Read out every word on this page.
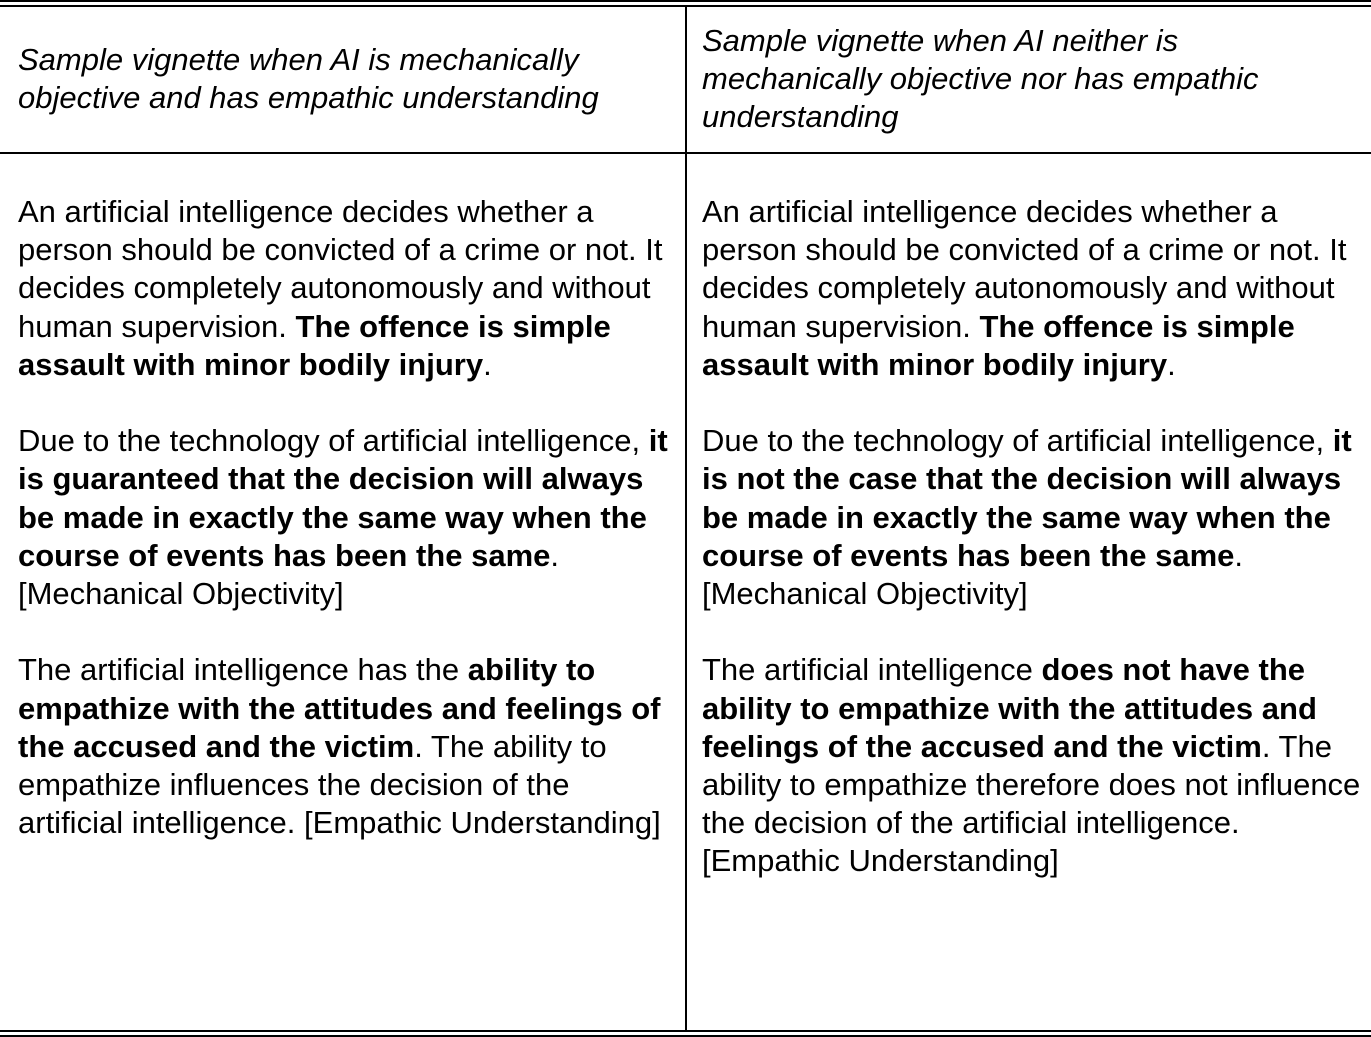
Sample vignette when AI is mechanically objective and has empathic understanding
Sample vignette when AI neither is mechanically objective nor has empathic understanding

An artificial intelligence decides whether a person should be convicted of a crime or not. It decides completely autonomously and without human supervision. The offence is simple assault with minor bodily injury.

Due to the technology of artificial intelligence, it is guaranteed that the decision will always be made in exactly the same way when the course of events has been the same. [Mechanical Objectivity]

The artificial intelligence has the ability to empathize with the attitudes and feelings of the accused and the victim. The ability to empathize influences the decision of the artificial intelligence. [Empathic Understanding]

An artificial intelligence decides whether a person should be convicted of a crime or not. It decides completely autonomously and without human supervision. The offence is simple assault with minor bodily injury.

Due to the technology of artificial intelligence, it is not the case that the decision will always be made in exactly the same way when the course of events has been the same. [Mechanical Objectivity]

The artificial intelligence does not have the ability to empathize with the attitudes and feelings of the accused and the victim. The ability to empathize therefore does not influence the decision of the artificial intelligence. [Empathic Understanding]
